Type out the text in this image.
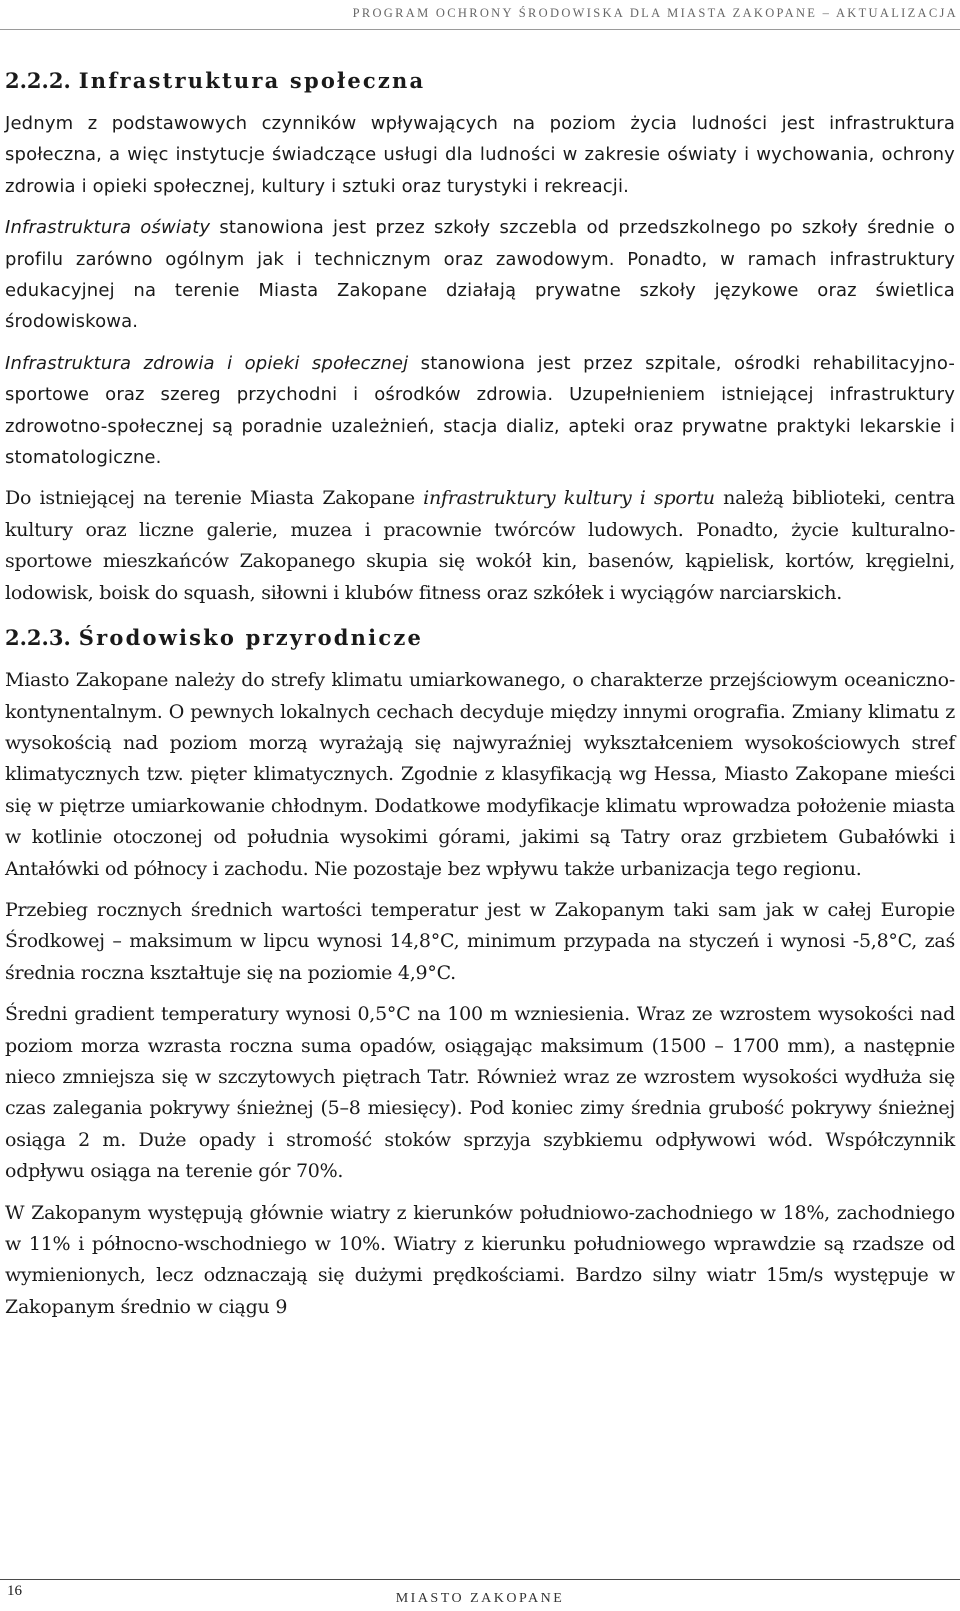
PROGRAM OCHRONY ŚRODOWISKA DLA MIASTA ZAKOPANE – AKTUALIZACJA
2.2.2. Infrastruktura społeczna

Jednym z podstawowych czynników wpływających na poziom życia ludności jest infrastruktura społeczna, a więc instytucje świadczące usługi dla ludności w zakresie oświaty i wychowania, ochrony zdrowia i opieki społecznej, kultury i sztuki oraz turystyki i rekreacji.

Infrastruktura oświaty stanowiona jest przez szkoły szczebla od przedszkolnego po szkoły średnie o profilu zarówno ogólnym jak i technicznym oraz zawodowym. Ponadto, w ramach infrastruktury edukacyjnej na terenie Miasta Zakopane działają prywatne szkoły językowe oraz świetlica środowiskowa.

Infrastruktura zdrowia i opieki społecznej stanowiona jest przez szpitale, ośrodki rehabilitacyjno-sportowe oraz szereg przychodni i ośrodków zdrowia. Uzupełnieniem istniejącej infrastruktury zdrowotno-społecznej są poradnie uzależnień, stacja dializ, apteki oraz prywatne praktyki lekarskie i stomatologiczne.

Do istniejącej na terenie Miasta Zakopane infrastruktury kultury i sportu należą biblioteki, centra kultury oraz liczne galerie, muzea i pracownie twórców ludowych. Ponadto, życie kulturalno-sportowe mieszkańców Zakopanego skupia się wokół kin, basenów, kąpielisk, kortów, kręgielni, lodowisk, boisk do squash, siłowni i klubów fitness oraz szkółek i wyciągów narciarskich.

2.2.3. Środowisko przyrodnicze

Miasto Zakopane należy do strefy klimatu umiarkowanego, o charakterze przejściowym oceaniczno-kontynentalnym. O pewnych lokalnych cechach decyduje między innymi orografia. Zmiany klimatu z wysokością nad poziom morzą wyrażają się najwyraźniej wykształceniem wysokościowych stref klimatycznych tzw. pięter klimatycznych. Zgodnie z klasyfikacją wg Hessa, Miasto Zakopane mieści się w piętrze umiarkowanie chłodnym. Dodatkowe modyfikacje klimatu wprowadza położenie miasta w kotlinie otoczonej od południa wysokimi górami, jakimi są Tatry oraz grzbietem Gubałówki i Antałówki od północy i zachodu. Nie pozostaje bez wpływu także urbanizacja tego regionu.

Przebieg rocznych średnich wartości temperatur jest w Zakopanym taki sam jak w całej Europie Środkowej – maksimum w lipcu wynosi 14,8°C, minimum przypada na styczeń i wynosi -5,8°C, zaś średnia roczna kształtuje się na poziomie 4,9°C.

Średni gradient temperatury wynosi 0,5°C na 100 m wzniesienia. Wraz ze wzrostem wysokości nad poziom morza wzrasta roczna suma opadów, osiągając maksimum (1500 – 1700 mm), a następnie nieco zmniejsza się w szczytowych piętrach Tatr. Również wraz ze wzrostem wysokości wydłuża się czas zalegania pokrywy śnieżnej (5–8 miesięcy). Pod koniec zimy średnia grubość pokrywy śnieżnej osiąga 2 m. Duże opady i stromość stoków sprzyja szybkiemu odpływowi wód. Współczynnik odpływu osiąga na terenie gór 70%.

W Zakopanym występują głównie wiatry z kierunków południowo-zachodniego w 18%, zachodniego w 11% i północno-wschodniego w 10%. Wiatry z kierunku południowego wprawdzie są rzadsze od wymienionych, lecz odznaczają się dużymi prędkościami. Bardzo silny wiatr 15m/s występuje w Zakopanym średnio w ciągu 9

16	MIASTO ZAKOPANE
